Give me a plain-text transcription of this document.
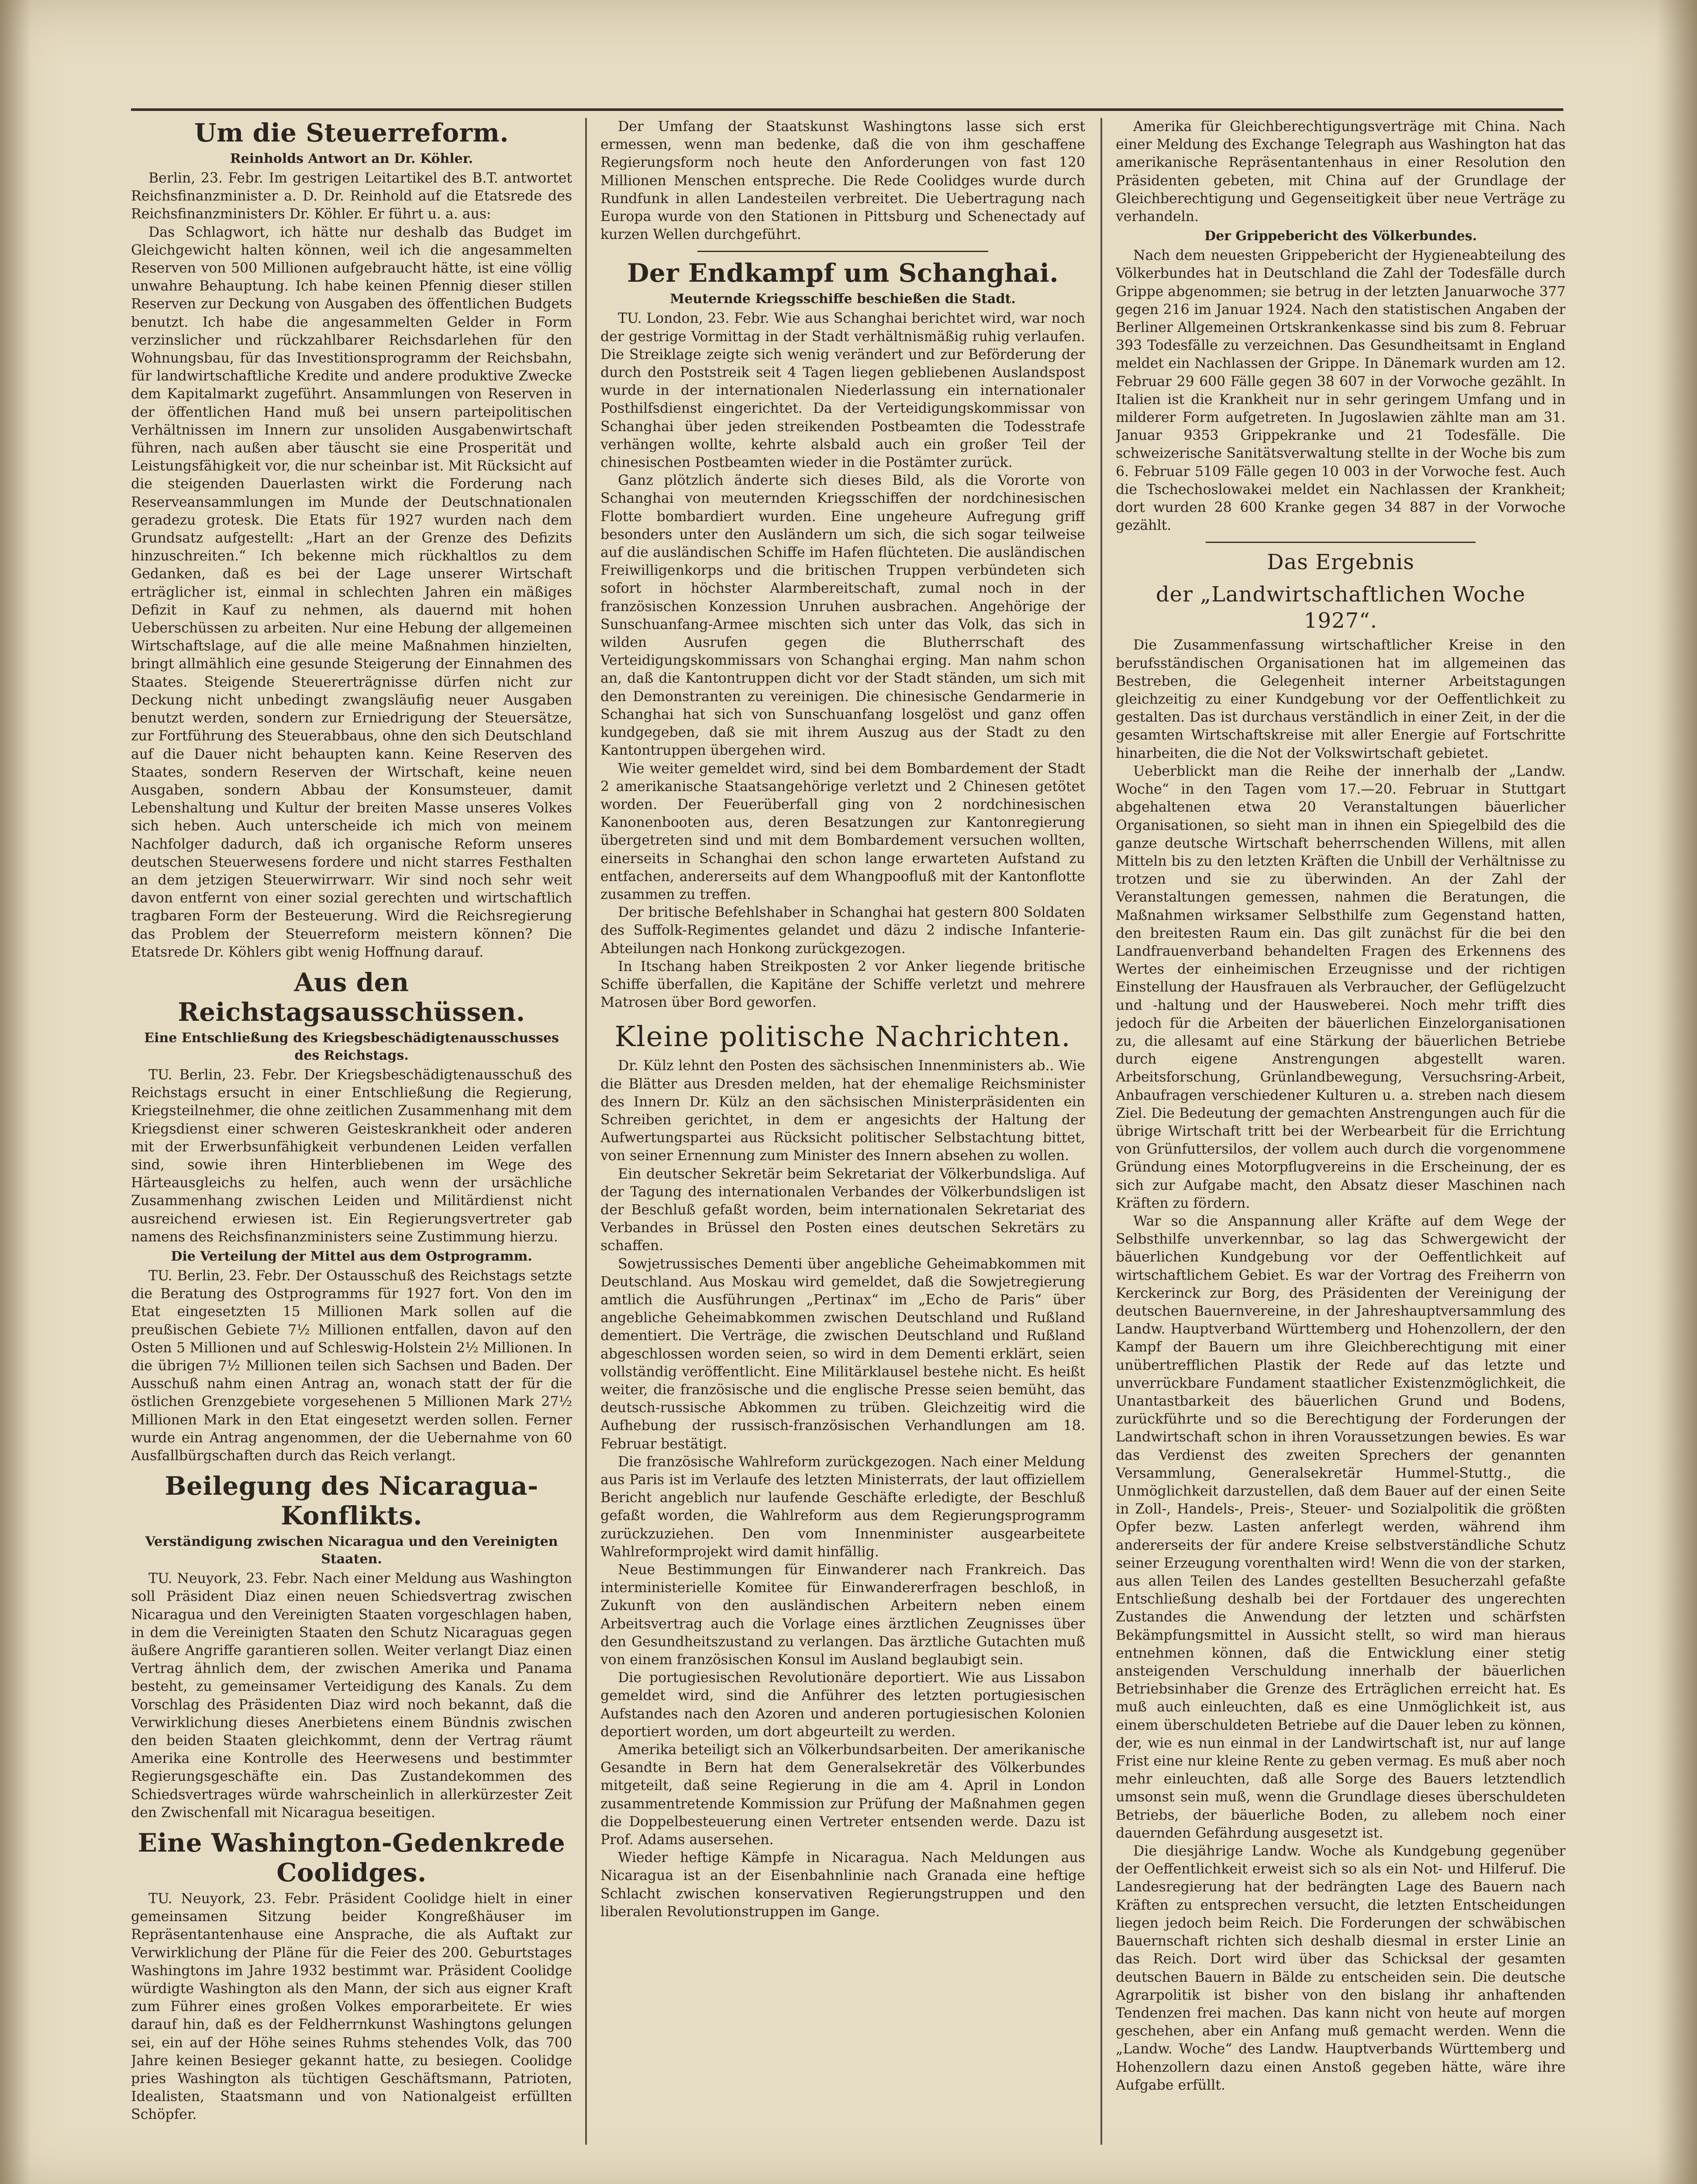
Um die Steuerreform.
Reinholds Antwort an Dr. Köhler.

Berlin, 23. Febr. Im gestrigen Leitartikel des B.T. antwortet Reichsfinanzminister a. D. Dr. Reinhold auf die Etatsrede des Reichsfinanzministers Dr. Köhler. Er führt u. a. aus:

Das Schlagwort, ich hätte nur deshalb das Budget im Gleichgewicht halten können, weil ich die angesammelten Reserven von 500 Millionen aufgebraucht hätte, ist eine völlig unwahre Behauptung. Ich habe keinen Pfennig dieser stillen Reserven zur Deckung von Ausgaben des öffentlichen Budgets benutzt. Ich habe die angesammelten Gelder in Form verzinslicher und rückzahlbarer Reichsdarlehen für den Wohnungsbau, für das Investitionsprogramm der Reichsbahn, für landwirtschaftliche Kredite und andere produktive Zwecke dem Kapitalmarkt zugeführt. Ansammlungen von Reserven in der öffentlichen Hand muß bei unsern parteipolitischen Verhältnissen im Innern zur unsoliden Ausgabenwirtschaft führen, nach außen aber täuscht sie eine Prosperität und Leistungsfähigkeit vor, die nur scheinbar ist. Mit Rücksicht auf die steigenden Dauerlasten wirkt die Forderung nach Reserveansammlungen im Munde der Deutschnationalen geradezu grotesk. Die Etats für 1927 wurden nach dem Grundsatz aufgestellt: „Hart an der Grenze des Defizits hinzuschreiten.“ Ich bekenne mich rückhaltlos zu dem Gedanken, daß es bei der Lage unserer Wirtschaft erträglicher ist, einmal in schlechten Jahren ein mäßiges Defizit in Kauf zu nehmen, als dauernd mit hohen Ueberschüssen zu arbeiten. Nur eine Hebung der allgemeinen Wirtschaftslage, auf die alle meine Maßnahmen hinzielten, bringt allmählich eine gesunde Steigerung der Einnahmen des Staates. Steigende Steuererträgnisse dürfen nicht zur Deckung nicht unbedingt zwangsläufig neuer Ausgaben benutzt werden, sondern zur Erniedrigung der Steuersätze, zur Fortführung des Steuerabbaus, ohne den sich Deutschland auf die Dauer nicht behaupten kann. Keine Reserven des Staates, sondern Reserven der Wirtschaft, keine neuen Ausgaben, sondern Abbau der Konsumsteuer, damit Lebenshaltung und Kultur der breiten Masse unseres Volkes sich heben. Auch unterscheide ich mich von meinem Nachfolger dadurch, daß ich organische Reform unseres deutschen Steuerwesens fordere und nicht starres Festhalten an dem jetzigen Steuerwirrwarr. Wir sind noch sehr weit davon entfernt von einer sozial gerechten und wirtschaftlich tragbaren Form der Besteuerung. Wird die Reichsregierung das Problem der Steuerreform meistern können? Die Etatsrede Dr. Köhlers gibt wenig Hoffnung darauf.

Aus den Reichstagsausschüssen.
Eine Entschließung des Kriegsbeschädigtenausschusses des Reichstags.

TU. Berlin, 23. Febr. Der Kriegsbeschädigtenausschuß des Reichstags ersucht in einer Entschließung die Regierung, Kriegsteilnehmer, die ohne zeitlichen Zusammenhang mit dem Kriegsdienst einer schweren Geisteskrankheit oder anderen mit der Erwerbsunfähigkeit verbundenen Leiden verfallen sind, sowie ihren Hinterbliebenen im Wege des Härteausgleichs zu helfen, auch wenn der ursächliche Zusammenhang zwischen Leiden und Militärdienst nicht ausreichend erwiesen ist. Ein Regierungsvertreter gab namens des Reichsfinanzministers seine Zustimmung hierzu.

Die Verteilung der Mittel aus dem Ostprogramm.

TU. Berlin, 23. Febr. Der Ostausschuß des Reichstags setzte die Beratung des Ostprogramms für 1927 fort. Von den im Etat eingesetzten 15 Millionen Mark sollen auf die preußischen Gebiete 7½ Millionen entfallen, davon auf den Osten 5 Millionen und auf Schleswig-Holstein 2½ Millionen. In die übrigen 7½ Millionen teilen sich Sachsen und Baden. Der Ausschuß nahm einen Antrag an, wonach statt der für die östlichen Grenzgebiete vorgesehenen 5 Millionen Mark 27½ Millionen Mark in den Etat eingesetzt werden sollen. Ferner wurde ein Antrag angenommen, der die Uebernahme von 60 Ausfallbürgschaften durch das Reich verlangt.

Beilegung des Nicaragua-Konflikts.
Verständigung zwischen Nicaragua und den Vereinigten Staaten.

TU. Neuyork, 23. Febr. Nach einer Meldung aus Washington soll Präsident Diaz einen neuen Schiedsvertrag zwischen Nicaragua und den Vereinigten Staaten vorgeschlagen haben, in dem die Vereinigten Staaten den Schutz Nicaraguas gegen äußere Angriffe garantieren sollen. Weiter verlangt Diaz einen Vertrag ähnlich dem, der zwischen Amerika und Panama besteht, zu gemeinsamer Verteidigung des Kanals. Zu dem Vorschlag des Präsidenten Diaz wird noch bekannt, daß die Verwirklichung dieses Anerbietens einem Bündnis zwischen den beiden Staaten gleichkommt, denn der Vertrag räumt Amerika eine Kontrolle des Heerwesens und bestimmter Regierungsgeschäfte ein. Das Zustandekommen des Schiedsvertrages würde wahrscheinlich in allerkürzester Zeit den Zwischenfall mit Nicaragua beseitigen.

Eine Washington-Gedenkrede Coolidges.

TU. Neuyork, 23. Febr. Präsident Coolidge hielt in einer gemeinsamen Sitzung beider Kongreßhäuser im Repräsentantenhause eine Ansprache, die als Auftakt zur Verwirklichung der Pläne für die Feier des 200. Geburtstages Washingtons im Jahre 1932 bestimmt war. Präsident Coolidge würdigte Washington als den Mann, der sich aus eigner Kraft zum Führer eines großen Volkes emporarbeitete. Er wies darauf hin, daß es der Feldherrnkunst Washingtons gelungen sei, ein auf der Höhe seines Ruhms stehendes Volk, das 700 Jahre keinen Besieger gekannt hatte, zu besiegen. Coolidge pries Washington als tüchtigen Geschäftsmann, Patrioten, Idealisten, Staatsmann und von Nationalgeist erfüllten Schöpfer.

Der Umfang der Staatskunst Washingtons lasse sich erst ermessen, wenn man bedenke, daß die von ihm geschaffene Regierungsform noch heute den Anforderungen von fast 120 Millionen Menschen entspreche. Die Rede Coolidges wurde durch Rundfunk in allen Landesteilen verbreitet. Die Uebertragung nach Europa wurde von den Stationen in Pittsburg und Schenectady auf kurzen Wellen durchgeführt.

Der Endkampf um Schanghai.
Meuternde Kriegsschiffe beschießen die Stadt.

TU. London, 23. Febr. Wie aus Schanghai berichtet wird, war noch der gestrige Vormittag in der Stadt verhältnismäßig ruhig verlaufen. Die Streiklage zeigte sich wenig verändert und zur Beförderung der durch den Poststreik seit 4 Tagen liegen gebliebenen Auslandspost wurde in der internationalen Niederlassung ein internationaler Posthilfsdienst eingerichtet. Da der Verteidigungskommissar von Schanghai über jeden streikenden Postbeamten die Todesstrafe verhängen wollte, kehrte alsbald auch ein großer Teil der chinesischen Postbeamten wieder in die Postämter zurück.

Ganz plötzlich änderte sich dieses Bild, als die Vororte von Schanghai von meuternden Kriegsschiffen der nordchinesischen Flotte bombardiert wurden. Eine ungeheure Aufregung griff besonders unter den Ausländern um sich, die sich sogar teilweise auf die ausländischen Schiffe im Hafen flüchteten. Die ausländischen Freiwilligenkorps und die britischen Truppen verbündeten sich sofort in höchster Alarmbereitschaft, zumal noch in der französischen Konzession Unruhen ausbrachen. Angehörige der Sunschuanfang-Armee mischten sich unter das Volk, das sich in wilden Ausrufen gegen die Blutherrschaft des Verteidigungskommissars von Schanghai erging. Man nahm schon an, daß die Kantontruppen dicht vor der Stadt ständen, um sich mit den Demonstranten zu vereinigen. Die chinesische Gendarmerie in Schanghai hat sich von Sunschuanfang losgelöst und ganz offen kundgegeben, daß sie mit ihrem Auszug aus der Stadt zu den Kantontruppen übergehen wird.

Wie weiter gemeldet wird, sind bei dem Bombardement der Stadt 2 amerikanische Staatsangehörige verletzt und 2 Chinesen getötet worden. Der Feuerüberfall ging von 2 nordchinesischen Kanonenbooten aus, deren Besatzungen zur Kantonregierung übergetreten sind und mit dem Bombardement versuchen wollten, einerseits in Schanghai den schon lange erwarteten Aufstand zu entfachen, andererseits auf dem Whangpoofluß mit der Kantonflotte zusammen zu treffen.

Der britische Befehlshaber in Schanghai hat gestern 800 Soldaten des Suffolk-Regimentes gelandet und däzu 2 indische Infanterie-Abteilungen nach Honkong zurückgezogen.

In Itschang haben Streikposten 2 vor Anker liegende britische Schiffe überfallen, die Kapitäne der Schiffe verletzt und mehrere Matrosen über Bord geworfen.

Kleine politische Nachrichten.

Dr. Külz lehnt den Posten des sächsischen Innenministers ab.. Wie die Blätter aus Dresden melden, hat der ehemalige Reichsminister des Innern Dr. Külz an den sächsischen Ministerpräsidenten ein Schreiben gerichtet, in dem er angesichts der Haltung der Aufwertungspartei aus Rücksicht politischer Selbstachtung bittet, von seiner Ernennung zum Minister des Innern absehen zu wollen.

Ein deutscher Sekretär beim Sekretariat der Völkerbundsliga. Auf der Tagung des internationalen Verbandes der Völkerbundsligen ist der Beschluß gefaßt worden, beim internationalen Sekretariat des Verbandes in Brüssel den Posten eines deutschen Sekretärs zu schaffen.

Sowjetrussisches Dementi über angebliche Geheimabkommen mit Deutschland. Aus Moskau wird gemeldet, daß die Sowjetregierung amtlich die Ausführungen „Pertinax“ im „Echo de Paris“ über angebliche Geheimabkommen zwischen Deutschland und Rußland dementiert. Die Verträge, die zwischen Deutschland und Rußland abgeschlossen worden seien, so wird in dem Dementi erklärt, seien vollständig veröffentlicht. Eine Militärklausel bestehe nicht. Es heißt weiter, die französische und die englische Presse seien bemüht, das deutsch-russische Abkommen zu trüben. Gleichzeitig wird die Aufhebung der russisch-französischen Verhandlungen am 18. Februar bestätigt.

Die französische Wahlreform zurückgezogen. Nach einer Meldung aus Paris ist im Verlaufe des letzten Ministerrats, der laut offiziellem Bericht angeblich nur laufende Geschäfte erledigte, der Beschluß gefaßt worden, die Wahlreform aus dem Regierungsprogramm zurückzuziehen. Den vom Innenminister ausgearbeitete Wahlreformprojekt wird damit hinfällig.

Neue Bestimmungen für Einwanderer nach Frankreich. Das interministerielle Komitee für Einwandererfragen beschloß, in Zukunft von den ausländischen Arbeitern neben einem Arbeitsvertrag auch die Vorlage eines ärztlichen Zeugnisses über den Gesundheitszustand zu verlangen. Das ärztliche Gutachten muß von einem französischen Konsul im Ausland beglaubigt sein.

Die portugiesischen Revolutionäre deportiert. Wie aus Lissabon gemeldet wird, sind die Anführer des letzten portugiesischen Aufstandes nach den Azoren und anderen portugiesischen Kolonien deportiert worden, um dort abgeurteilt zu werden.

Amerika beteiligt sich an Völkerbundsarbeiten. Der amerikanische Gesandte in Bern hat dem Generalsekretär des Völkerbundes mitgeteilt, daß seine Regierung in die am 4. April in London zusammentretende Kommission zur Prüfung der Maßnahmen gegen die Doppelbesteuerung einen Vertreter entsenden werde. Dazu ist Prof. Adams ausersehen.

Wieder heftige Kämpfe in Nicaragua. Nach Meldungen aus Nicaragua ist an der Eisenbahnlinie nach Granada eine heftige Schlacht zwischen konservativen Regierungstruppen und den liberalen Revolutionstruppen im Gange.

Amerika für Gleichberechtigungsverträge mit China. Nach einer Meldung des Exchange Telegraph aus Washington hat das amerikanische Repräsentantenhaus in einer Resolution den Präsidenten gebeten, mit China auf der Grundlage der Gleichberechtigung und Gegenseitigkeit über neue Verträge zu verhandeln.

Der Grippebericht des Völkerbundes.

Nach dem neuesten Grippebericht der Hygieneabteilung des Völkerbundes hat in Deutschland die Zahl der Todesfälle durch Grippe abgenommen; sie betrug in der letzten Januarwoche 377 gegen 216 im Januar 1924. Nach den statistischen Angaben der Berliner Allgemeinen Ortskrankenkasse sind bis zum 8. Februar 393 Todesfälle zu verzeichnen. Das Gesundheitsamt in England meldet ein Nachlassen der Grippe. In Dänemark wurden am 12. Februar 29 600 Fälle gegen 38 607 in der Vorwoche gezählt. In Italien ist die Krankheit nur in sehr geringem Umfang und in milderer Form aufgetreten. In Jugoslawien zählte man am 31. Januar 9353 Grippekranke und 21 Todesfälle. Die schweizerische Sanitätsverwaltung stellte in der Woche bis zum 6. Februar 5109 Fälle gegen 10 003 in der Vorwoche fest. Auch die Tschechoslowakei meldet ein Nachlassen der Krankheit; dort wurden 28 600 Kranke gegen 34 887 in der Vorwoche gezählt.

Das Ergebnis
der „Landwirtschaftlichen Woche 1927“.

Die Zusammenfassung wirtschaftlicher Kreise in den berufsständischen Organisationen hat im allgemeinen das Bestreben, die Gelegenheit interner Arbeitstagungen gleichzeitig zu einer Kundgebung vor der Oeffentlichkeit zu gestalten. Das ist durchaus verständlich in einer Zeit, in der die gesamten Wirtschaftskreise mit aller Energie auf Fortschritte hinarbeiten, die die Not der Volkswirtschaft gebietet.

Ueberblickt man die Reihe der innerhalb der „Landw. Woche“ in den Tagen vom 17.—20. Februar in Stuttgart abgehaltenen etwa 20 Veranstaltungen bäuerlicher Organisationen, so sieht man in ihnen ein Spiegelbild des die ganze deutsche Wirtschaft beherrschenden Willens, mit allen Mitteln bis zu den letzten Kräften die Unbill der Verhältnisse zu trotzen und sie zu überwinden. An der Zahl der Veranstaltungen gemessen, nahmen die Beratungen, die Maßnahmen wirksamer Selbsthilfe zum Gegenstand hatten, den breitesten Raum ein. Das gilt zunächst für die bei den Landfrauenverband behandelten Fragen des Erkennens des Wertes der einheimischen Erzeugnisse und der richtigen Einstellung der Hausfrauen als Verbraucher, der Geflügelzucht und -haltung und der Hausweberei. Noch mehr trifft dies jedoch für die Arbeiten der bäuerlichen Einzelorganisationen zu, die allesamt auf eine Stärkung der bäuerlichen Betriebe durch eigene Anstrengungen abgestellt waren. Arbeitsforschung, Grünlandbewegung, Versuchsring-Arbeit, Anbaufragen verschiedener Kulturen u. a. streben nach diesem Ziel. Die Bedeutung der gemachten Anstrengungen auch für die übrige Wirtschaft tritt bei der Werbearbeit für die Errichtung von Grünfuttersilos, der vollem auch durch die vorgenommene Gründung eines Motorpflugvereins in die Erscheinung, der es sich zur Aufgabe macht, den Absatz dieser Maschinen nach Kräften zu fördern.

War so die Anspannung aller Kräfte auf dem Wege der Selbsthilfe unverkennbar, so lag das Schwergewicht der bäuerlichen Kundgebung vor der Oeffentlichkeit auf wirtschaftlichem Gebiet. Es war der Vortrag des Freiherrn von Kerckerinck zur Borg, des Präsidenten der Vereinigung der deutschen Bauernvereine, in der Jahreshauptversammlung des Landw. Hauptverband Württemberg und Hohenzollern, der den Kampf der Bauern um ihre Gleichberechtigung mit einer unübertrefflichen Plastik der Rede auf das letzte und unverrückbare Fundament staatlicher Existenzmöglichkeit, die Unantastbarkeit des bäuerlichen Grund und Bodens, zurückführte und so die Berechtigung der Forderungen der Landwirtschaft schon in ihren Voraussetzungen bewies. Es war das Verdienst des zweiten Sprechers der genannten Versammlung, Generalsekretär Hummel-Stuttg., die Unmöglichkeit darzustellen, daß dem Bauer auf der einen Seite in Zoll-, Handels-, Preis-, Steuer- und Sozialpolitik die größten Opfer bezw. Lasten anferlegt werden, während ihm andererseits der für andere Kreise selbstverständliche Schutz seiner Erzeugung vorenthalten wird! Wenn die von der starken, aus allen Teilen des Landes gestellten Besucherzahl gefaßte Entschließung deshalb bei der Fortdauer des ungerechten Zustandes die Anwendung der letzten und schärfsten Bekämpfungsmittel in Aussicht stellt, so wird man hieraus entnehmen können, daß die Entwicklung einer stetig ansteigenden Verschuldung innerhalb der bäuerlichen Betriebsinhaber die Grenze des Erträglichen erreicht hat. Es muß auch einleuchten, daß es eine Unmöglichkeit ist, aus einem überschuldeten Betriebe auf die Dauer leben zu können, der, wie es nun einmal in der Landwirtschaft ist, nur auf lange Frist eine nur kleine Rente zu geben vermag. Es muß aber noch mehr einleuchten, daß alle Sorge des Bauers letztendlich umsonst sein muß, wenn die Grundlage dieses überschuldeten Betriebs, der bäuerliche Boden, zu allebem noch einer dauernden Gefährdung ausgesetzt ist.

Die diesjährige Landw. Woche als Kundgebung gegenüber der Oeffentlichkeit erweist sich so als ein Not- und Hilferuf. Die Landesregierung hat der bedrängten Lage des Bauern nach Kräften zu entsprechen versucht, die letzten Entscheidungen liegen jedoch beim Reich. Die Forderungen der schwäbischen Bauernschaft richten sich deshalb diesmal in erster Linie an das Reich. Dort wird über das Schicksal der gesamten deutschen Bauern in Bälde zu entscheiden sein. Die deutsche Agrarpolitik ist bisher von den bislang ihr anhaftenden Tendenzen frei machen. Das kann nicht von heute auf morgen geschehen, aber ein Anfang muß gemacht werden. Wenn die „Landw. Woche“ des Landw. Hauptverbands Württemberg und Hohenzollern dazu einen Anstoß gegeben hätte, wäre ihre Aufgabe erfüllt.
